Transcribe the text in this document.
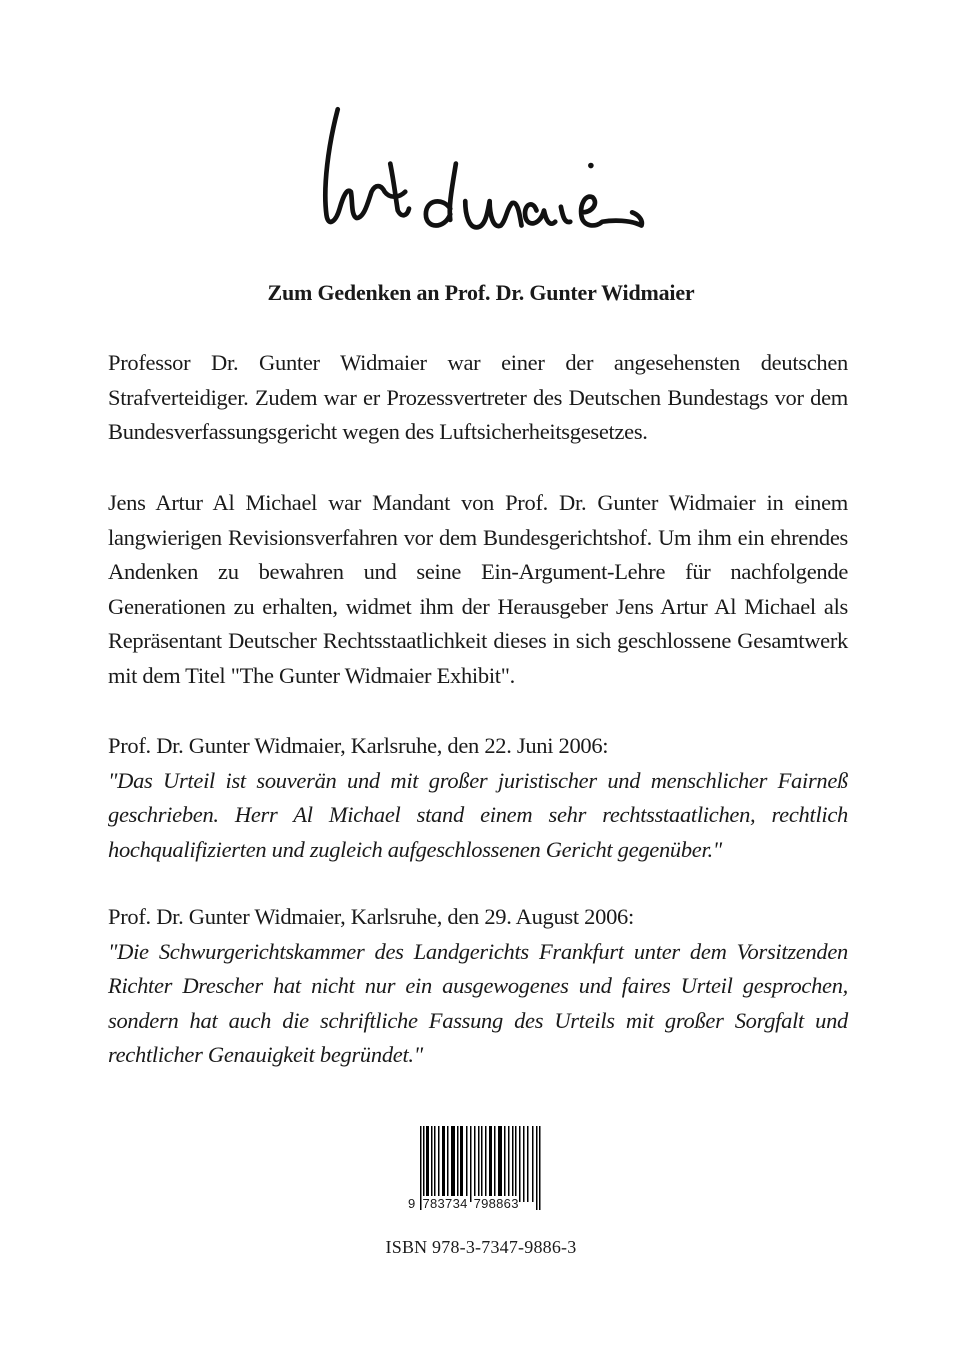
Zum Gedenken an Prof. Dr. Gunter Widmaier
Professor Dr. Gunter Widmaier war einer der angesehensten deutschen Strafverteidiger. Zudem war er Prozessvertreter des Deutschen Bundestags vor dem Bundesverfassungsgericht wegen des Luftsicherheitsgesetzes.
Jens Artur Al Michael war Mandant von Prof. Dr. Gunter Widmaier in einem langwierigen Revisionsverfahren vor dem Bundesgerichtshof. Um ihm ein ehrendes Andenken zu bewahren und seine Ein-Argument-Lehre für nachfolgende Generationen zu erhalten, widmet ihm der Herausgeber Jens Artur Al Michael als Repräsentant Deutscher Rechtsstaatlichkeit dieses in sich geschlossene Gesamtwerk mit dem Titel "The Gunter Widmaier Exhibit".
Prof. Dr. Gunter Widmaier, Karlsruhe, den 22. Juni 2006:
"Das Urteil ist souverän und mit großer juristischer und menschlicher Fairneß geschrieben. Herr Al Michael stand einem sehr rechtsstaatlichen, rechtlich hochqualifizierten und zugleich aufgeschlossenen Gericht gegenüber."
Prof. Dr. Gunter Widmaier, Karlsruhe, den 29. August 2006:
"Die Schwurgerichtskammer des Landgerichts Frankfurt unter dem Vorsitzenden Richter Drescher hat nicht nur ein ausgewogenes und faires Urteil gesprochen, sondern hat auch die schriftliche Fassung des Urteils mit großer Sorgfalt und rechtlicher Genauigkeit begründet."
9 783734 798863
ISBN 978-3-7347-9886-3
